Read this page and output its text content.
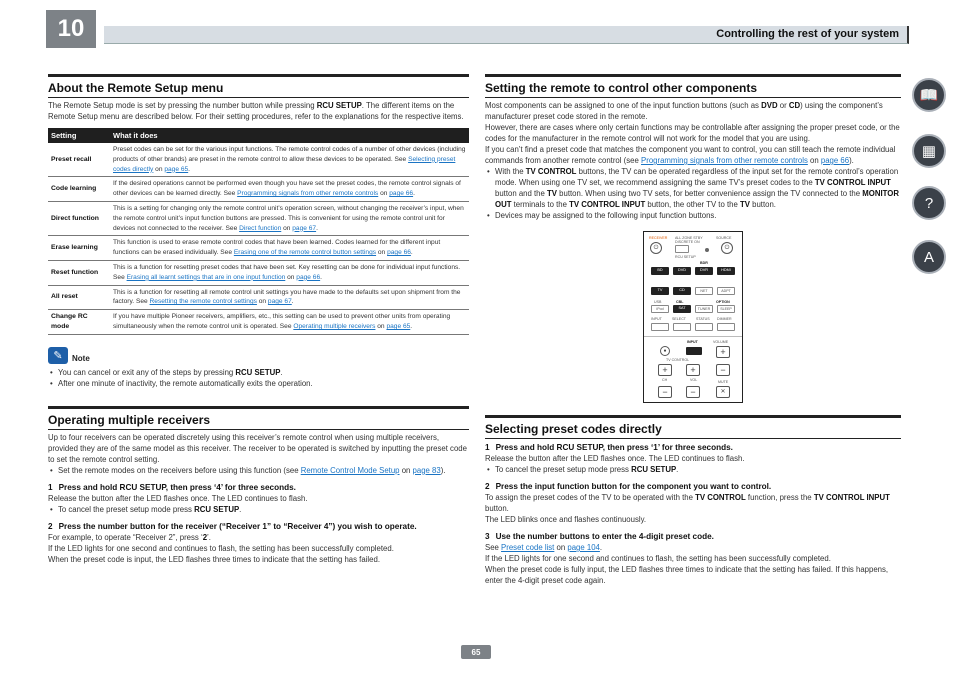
10	Controlling the rest of your system
About the Remote Setup menu
The Remote Setup mode is set by pressing the number button while pressing RCU SETUP. The different items on the Remote Setup menu are described below. For their setting procedures, refer to the explanations for the respective items.
Setting	What it does
Preset recall	Preset codes can be set for the various input functions. The remote control codes of a number of other devices (including products of other brands) are preset in the remote control to allow these devices to be operated. See Selecting preset codes directly on page 65.
Code learning	If the desired operations cannot be performed even though you have set the preset codes, the remote control signals of other devices can be learned directly. See Programming signals from other remote controls on page 66.
Direct function	This is a setting for changing only the remote control unit’s operation screen, without changing the receiver’s input, when the remote control unit’s input function buttons are pressed. This is convenient for using the remote control unit for devices not connected to the receiver. See Direct function on page 67.
Erase learning	This function is used to erase remote control codes that have been learned. Codes learned for the different input functions can be erased individually. See Erasing one of the remote control button settings on page 66.
Reset function	This is a function for resetting preset codes that have been set. Key resetting can be done for individual input functions. See Erasing all learnt settings that are in one input function on page 66.
All reset	This is a function for resetting all remote control unit settings you have made to the defaults set upon shipment from the factory. See Resetting the remote control settings on page 67.
Change RC mode	If you have multiple Pioneer receivers, amplifiers, etc., this setting can be used to prevent other units from operating simultaneously when the remote control unit is operated. See Operating multiple receivers on page 65.
✎	Note
• You can cancel or exit any of the steps by pressing RCU SETUP.
• After one minute of inactivity, the remote automatically exits the operation.
Operating multiple receivers
Up to four receivers can be operated discretely using this receiver’s remote control when using multiple receivers, provided they are of the same model as this receiver. The receiver to be operated is switched by inputting the preset code to set the remote control setting.
• Set the remote modes on the receivers before using this function (see Remote Control Mode Setup on page 83).
1 Press and hold RCU SETUP, then press ‘4’ for three seconds.
Release the button after the LED flashes once. The LED continues to flash.
• To cancel the preset setup mode press RCU SETUP.
2 Press the number button for the receiver (“Receiver 1” to “Receiver 4”) you wish to operate.
For example, to operate “Receiver 2”, press ‘2’.
If the LED lights for one second and continues to flash, the setting has been successfully completed.
When the preset code is input, the LED flashes three times to indicate that the setting has failed.
Setting the remote to control other components
Most components can be assigned to one of the input function buttons (such as DVD or CD) using the component’s manufacturer preset code stored in the remote.
However, there are cases where only certain functions may be controllable after assigning the proper preset code, or the codes for the manufacturer in the remote control will not work for the model that you are using.
If you can’t find a preset code that matches the component you want to control, you can still teach the remote individual commands from another remote control (see Programming signals from other remote controls on page 66).
• With the TV CONTROL buttons, the TV can be operated regardless of the input set for the remote control’s operation mode. When using one TV set, we recommend assigning the same TV’s preset codes to the TV CONTROL INPUT button and the TV button. When using two TV sets, for better convenience assign the TV connected to the MONITOR OUT terminals to the TV CONTROL INPUT button, the other TV to the TV button.
• Devices may be assigned to the following input function buttons.
RECEIVER ALL ZONE STBY
DISCRETE ON
SOURCE
⏻	⏻
RCU SETUP
BDR
BD	DVD	DVR	HDMI
TV	CD	NET	ADPT
USB	CBL	OPTION
iPod	SAT	TUNER	SLEEP
INPUT	SELECT	STATUS DIMMER
INPUT	VOLUME
●	+
TV CONTROL
+	+	−
CH	VOL	MUTE
−	−	✕
Selecting preset codes directly
1 Press and hold RCU SETUP, then press ‘1’ for three seconds.
Release the button after the LED flashes once. The LED continues to flash.
• To cancel the preset setup mode press RCU SETUP.
2 Press the input function button for the component you want to control.
To assign the preset codes of the TV to be operated with the TV CONTROL function, press the TV CONTROL INPUT button.
The LED blinks once and flashes continuously.
3 Use the number buttons to enter the 4-digit preset code.
See Preset code list on page 104.
If the LED lights for one second and continues to flash, the setting has been successfully completed.
When the preset code is fully input, the LED flashes three times to indicate that the setting has failed. If this happens, enter the 4-digit preset code again.
📖
▦
?
A
65
